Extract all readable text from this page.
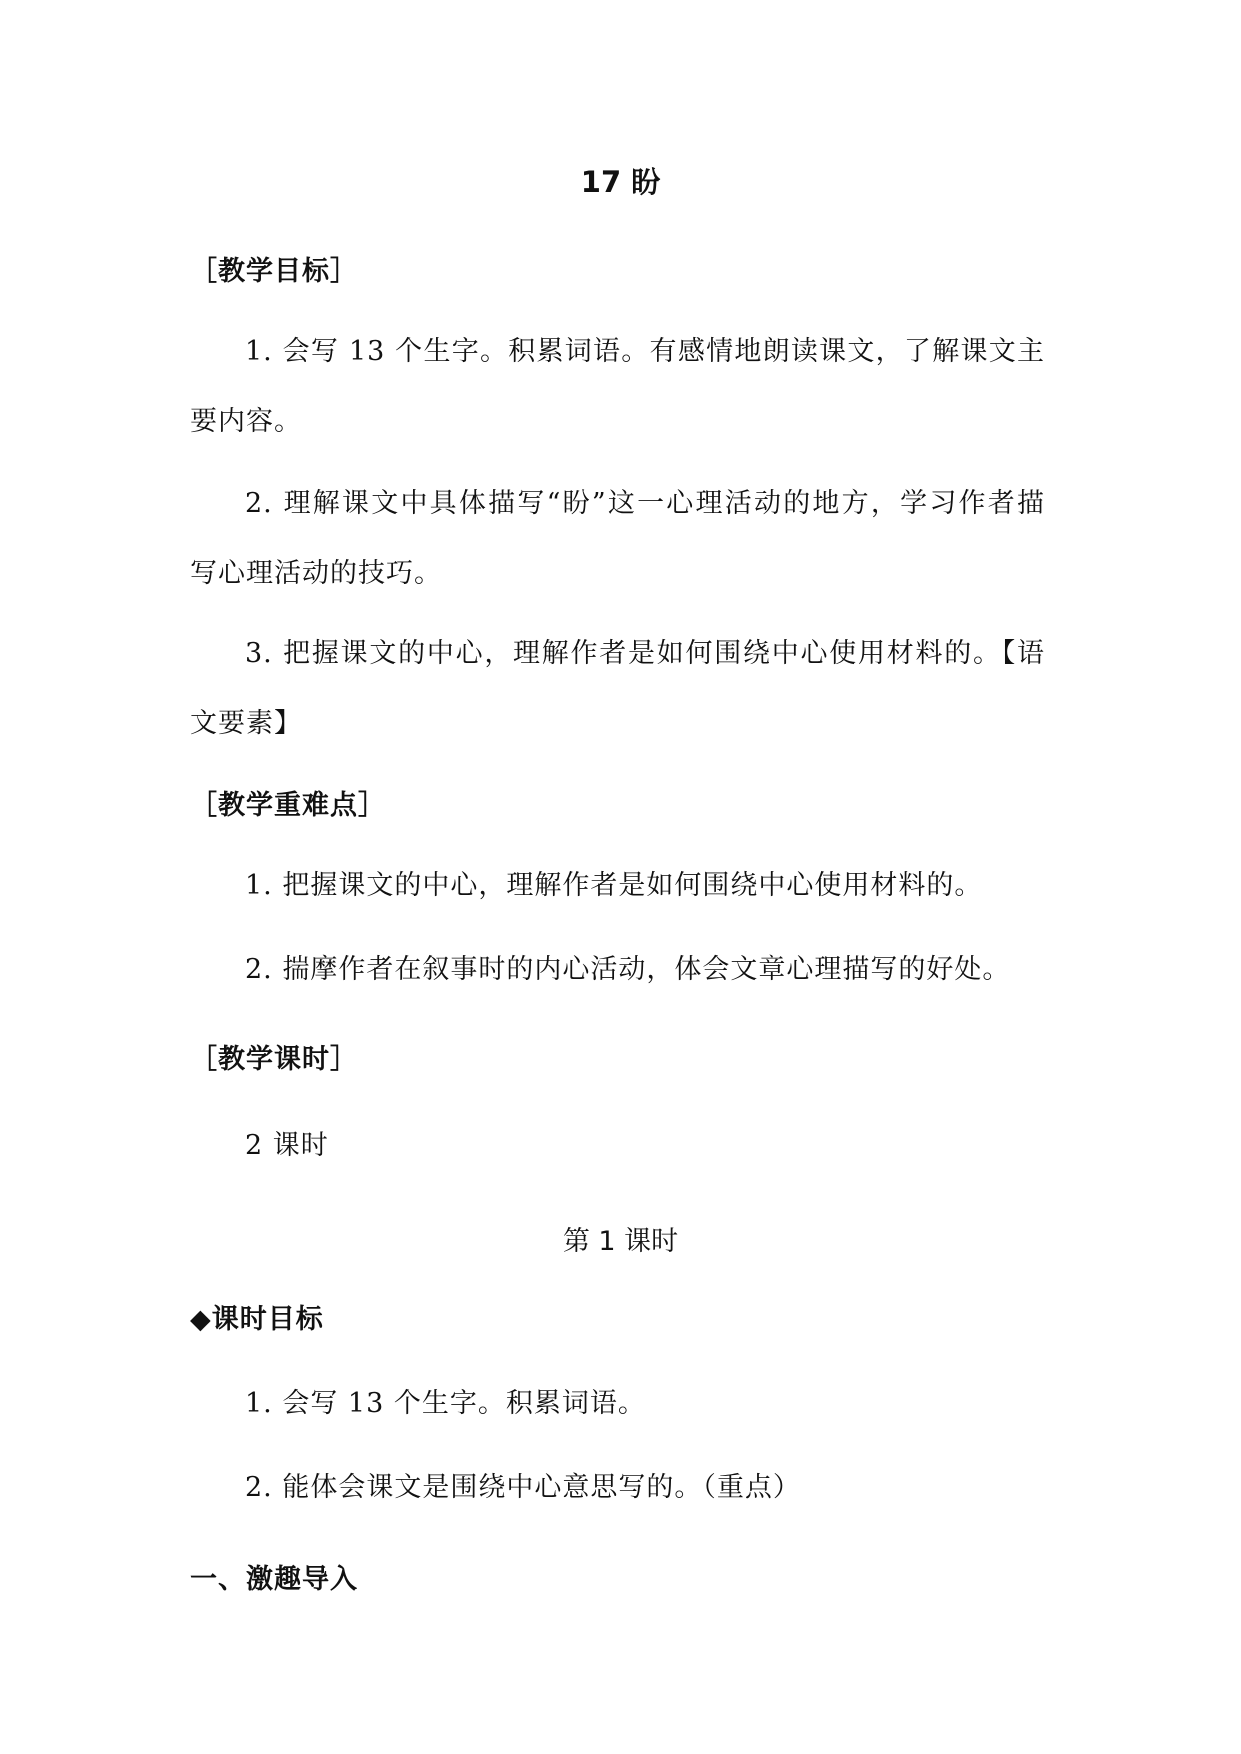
17 盼
［教学目标］
1. 会写 13 个生字。积累词语。有感情地朗读课文，了解课文主
要内容。
2. 理解课文中具体描写“盼”这一心理活动的地方，学习作者描
写心理活动的技巧。
3. 把握课文的中心，理解作者是如何围绕中心使用材料的。【语
文要素】
［教学重难点］
1. 把握课文的中心，理解作者是如何围绕中心使用材料的。
2. 揣摩作者在叙事时的内心活动，体会文章心理描写的好处。
［教学课时］
2 课时
第 1 课时
◆课时目标
1. 会写 13 个生字。积累词语。
2. 能体会课文是围绕中心意思写的。（重点）
一、激趣导入
